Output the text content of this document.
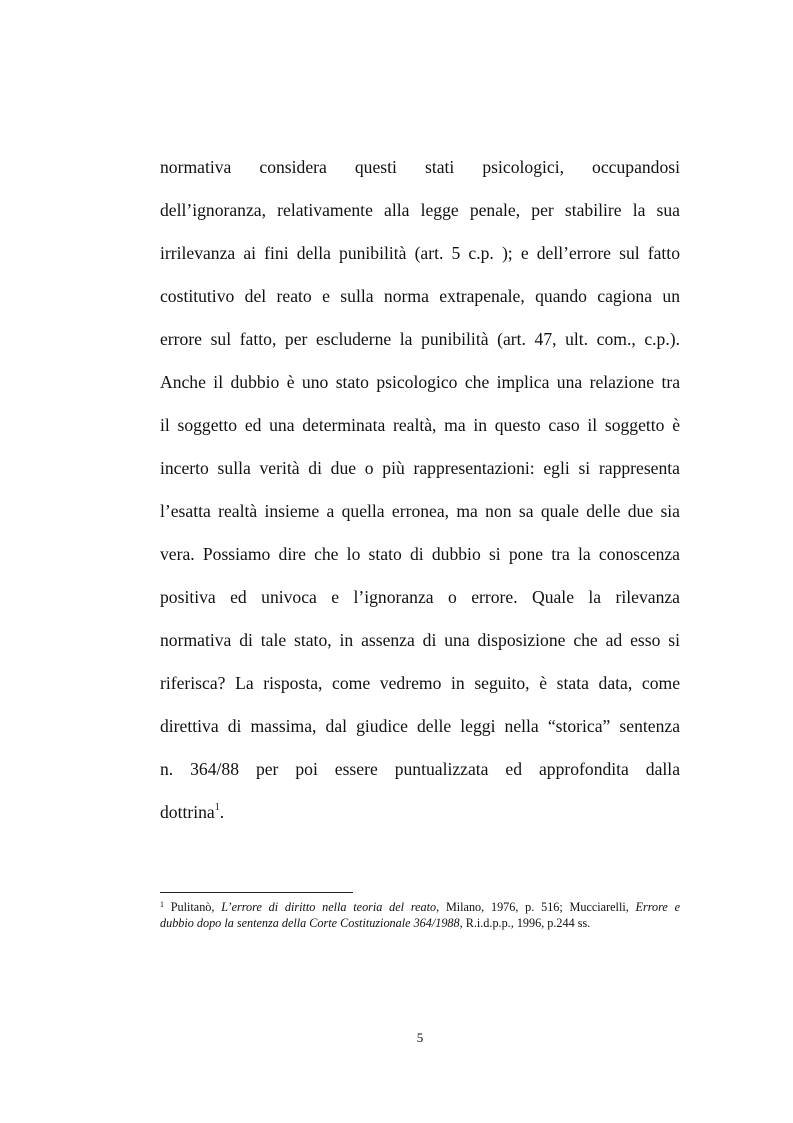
normativa considera questi stati psicologici, occupandosi
dell’ignoranza, relativamente alla legge penale, per stabilire la sua
irrilevanza ai fini della punibilità (art. 5 c.p. ); e dell’errore sul fatto
costitutivo del reato e sulla norma extrapenale, quando cagiona un
errore sul fatto, per escluderne la punibilità (art. 47, ult. com., c.p.).
Anche il dubbio è uno stato psicologico che implica una relazione tra
il soggetto ed una determinata realtà, ma in questo caso il soggetto è
incerto sulla verità di due o più rappresentazioni: egli si rappresenta
l’esatta realtà insieme a quella erronea, ma non sa quale delle due sia
vera. Possiamo dire che lo stato di dubbio si pone tra la conoscenza
positiva ed univoca e l’ignoranza o errore. Quale la rilevanza
normativa di tale stato, in assenza di una disposizione che ad esso si
riferisca? La risposta, come vedremo in seguito, è stata data, come
direttiva di massima, dal giudice delle leggi nella “storica” sentenza
n. 364/88 per poi essere puntualizzata ed approfondita dalla
dottrina$^1$.
$^1$ Pulitanò, L’errore di diritto nella teoria del reato, Milano, 1976, p. 516; Mucciarelli, Errore e
dubbio dopo la sentenza della Corte Costituzionale 364/1988, R.i.d.p.p., 1996, p.244 ss.
5
